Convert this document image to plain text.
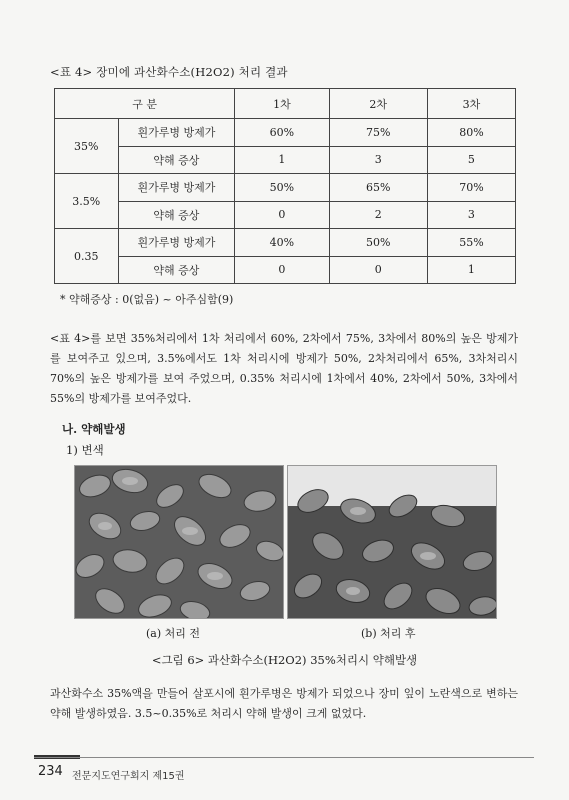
<표 4> 장미에 과산화수소(H2O2) 처리 결과
구 분		1차	2차	3차
35%	흰가루병 방제가	60%	75%	80%
	약해 증상	1	3	5
3.5%	흰가루병 방제가	50%	65%	70%
	약해 증상	0	2	3
0.35	흰가루병 방제가	40%	50%	55%
	약해 증상	0	0	1
* 약해증상 : 0(없음) ~ 아주심함(9)
<표 4>를 보면 35%처리에서 1차 처리에서 60%, 2차에서 75%, 3차에서 80%의 높은 방제가를 보여주고 있으며, 3.5%에서도 1차 처리시에 방제가 50%, 2차처리에서 65%, 3차처리시 70%의 높은 방제가를 보여 주었으며, 0.35% 처리시에 1차에서 40%, 2차에서 50%, 3차에서 55%의 방제가를 보여주었다.
나. 약해발생
1) 변색
(a) 처리 전	(b) 처리 후
<그림 6> 과산화수소(H2O2) 35%처리시 약해발생
과산화수소 35%액을 만들어 살포시에 흰가루병은 방제가 되었으나 장미 잎이 노란색으로 변하는 약해 발생하였음. 3.5~0.35%로 처리시 약해 발생이 크게 없었다.
234 전문지도연구회지 제15권
